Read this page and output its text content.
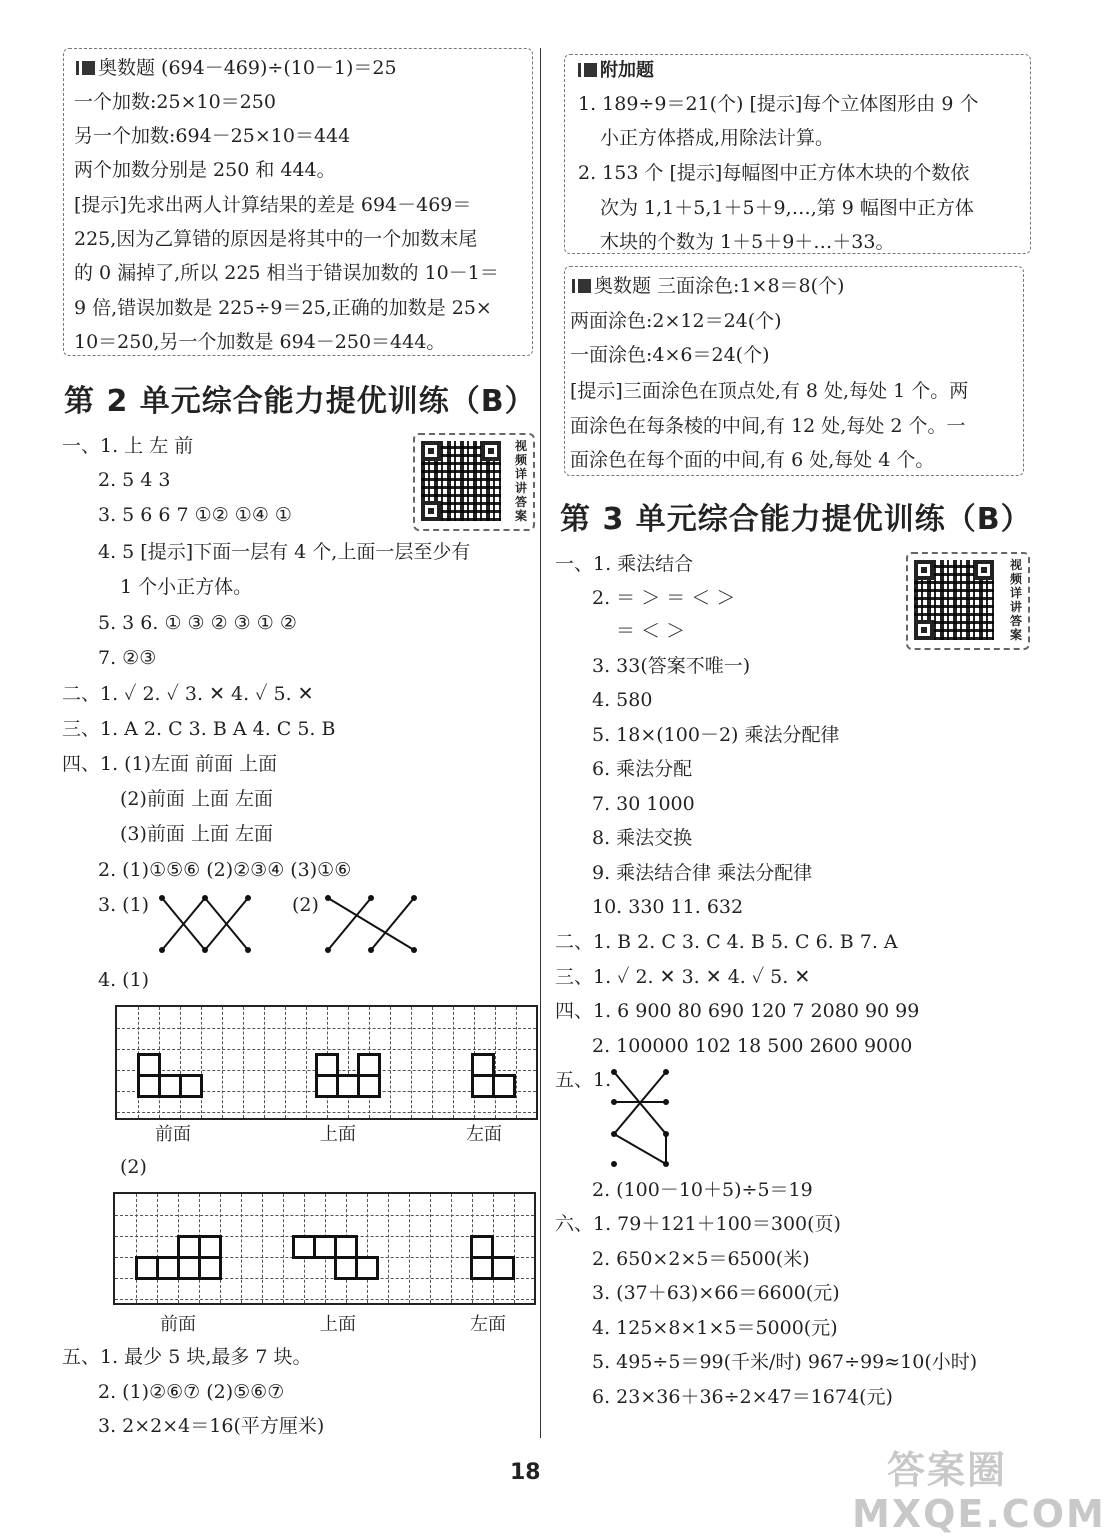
奥数题 (694－469)÷(10－1)＝25
一个加数:25×10＝250
另一个加数:694－25×10＝444
两个加数分别是 250 和 444。
[提示]先求出两人计算结果的差是 694－469＝
225,因为乙算错的原因是将其中的一个加数末尾
的 0 漏掉了,所以 225 相当于错误加数的 10－1＝
9 倍,错误加数是 225÷9＝25,正确的加数是 25×
10＝250,另一个加数是 694－250＝444。
第 2 单元综合能力提优训练（B）
视频详讲答案
一、1. 上 左 前
2. 5 4 3
3. 5 6 6 7 ①② ①④ ①
4. 5 [提示]下面一层有 4 个,上面一层至少有
1 个小正方体。
5. 3 6. ① ③ ② ③ ① ②
7. ②③
二、1. ✓ 2. ✓ 3. ✕ 4. ✓ 5. ✕
三、1. A 2. C 3. B A 4. C 5. B
四、1. (1)左面 前面 上面
(2)前面 上面 左面
(3)前面 上面 左面
2. (1)①⑤⑥ (2)②③④ (3)①⑥
3. (1)	(2)
4. (1)
前面	上面	左面
(2)
前面	上面	左面
五、1. 最少 5 块,最多 7 块。
2. (1)②⑥⑦ (2)⑤⑥⑦
3. 2×2×4＝16(平方厘米)
附加题
1. 189÷9＝21(个) [提示]每个立体图形由 9 个
小正方体搭成,用除法计算。
2. 153 个 [提示]每幅图中正方体木块的个数依
次为 1,1＋5,1＋5＋9,…,第 9 幅图中正方体
木块的个数为 1＋5＋9＋…＋33。
奥数题 三面涂色:1×8＝8(个)
两面涂色:2×12＝24(个)
一面涂色:4×6＝24(个)
[提示]三面涂色在顶点处,有 8 处,每处 1 个。两
面涂色在每条棱的中间,有 12 处,每处 2 个。一
面涂色在每个面的中间,有 6 处,每处 4 个。
第 3 单元综合能力提优训练（B）
视频详讲答案
一、1. 乘法结合
2. ＝ ＞ ＝ ＜ ＞
＝ ＜ ＞
3. 33(答案不唯一)
4. 580
5. 18×(100－2) 乘法分配律
6. 乘法分配
7. 30 1000
8. 乘法交换
9. 乘法结合律 乘法分配律
10. 330 11. 632
二、1. B 2. C 3. C 4. B 5. C 6. B 7. A
三、1. ✓ 2. ✕ 3. ✕ 4. ✓ 5. ✕
四、1. 6 900 80 690 120 7 2080 90 99
2. 100000 102 18 500 2600 9000
五、1.
2. (100－10＋5)÷5＝19
六、1. 79＋121＋100＝300(页)
2. 650×2×5＝6500(米)
3. (37＋63)×66＝6600(元)
4. 125×8×1×5＝5000(元)
5. 495÷5＝99(千米/时) 967÷99≈10(小时)
6. 23×36＋36÷2×47＝1674(元)
18	答案圈 MXQE.COM
